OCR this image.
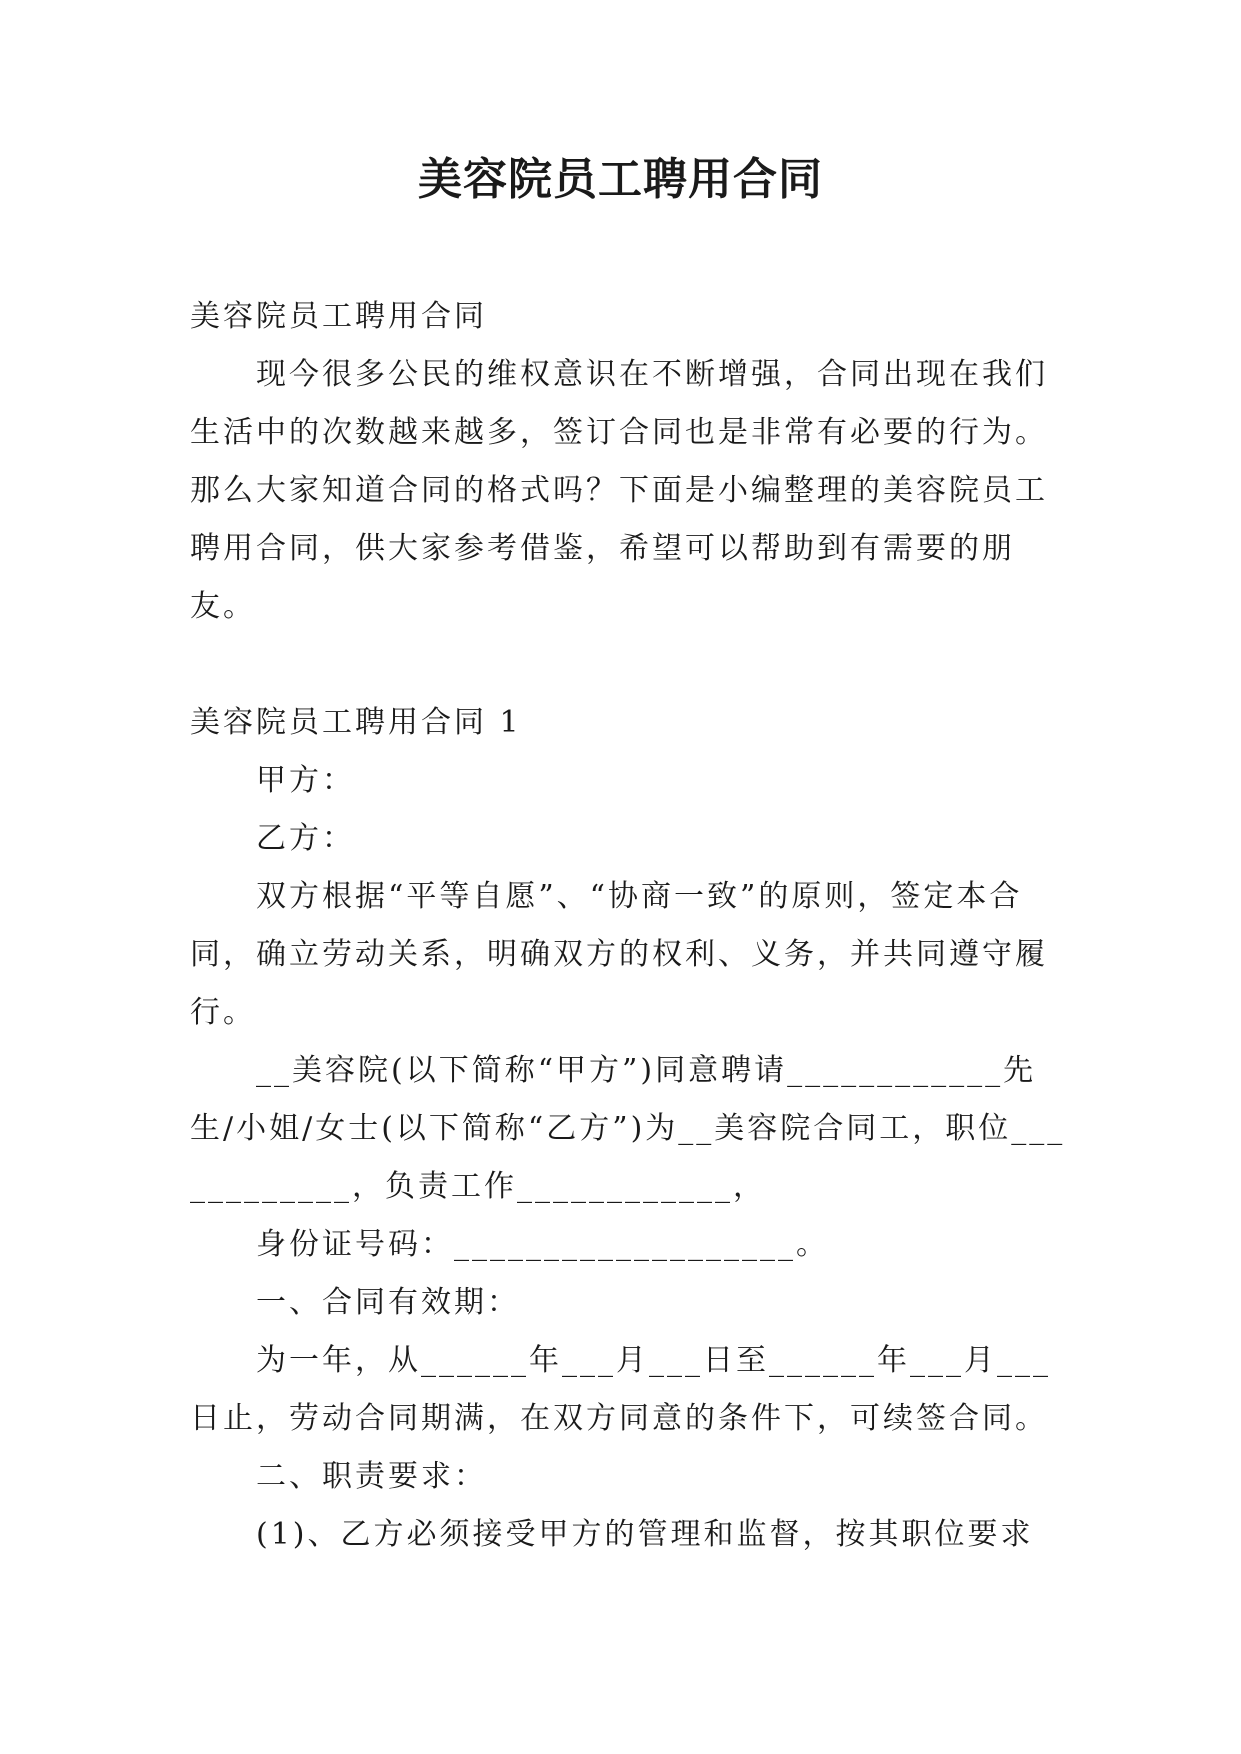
美容院员工聘用合同

美容院员工聘用合同

现今很多公民的维权意识在不断增强，合同出现在我们生活中的次数越来越多，签订合同也是非常有必要的行为。那么大家知道合同的格式吗？下面是小编整理的美容院员工聘用合同，供大家参考借鉴，希望可以帮助到有需要的朋友。

美容院员工聘用合同 1

甲方：

乙方：

双方根据“平等自愿”、“协商一致”的原则，签定本合同，确立劳动关系，明确双方的权利、义务，并共同遵守履行。

__美容院(以下简称“甲方”)同意聘请____________先生/小姐/女士(以下简称“乙方”)为__美容院合同工，职位____________，负责工作____________，

身份证号码：___________________。

一、合同有效期：

为一年，从______年___月___日至______年___月___日止，劳动合同期满，在双方同意的条件下，可续签合同。

二、职责要求：

(1)、乙方必须接受甲方的管理和监督，按其职位要求
